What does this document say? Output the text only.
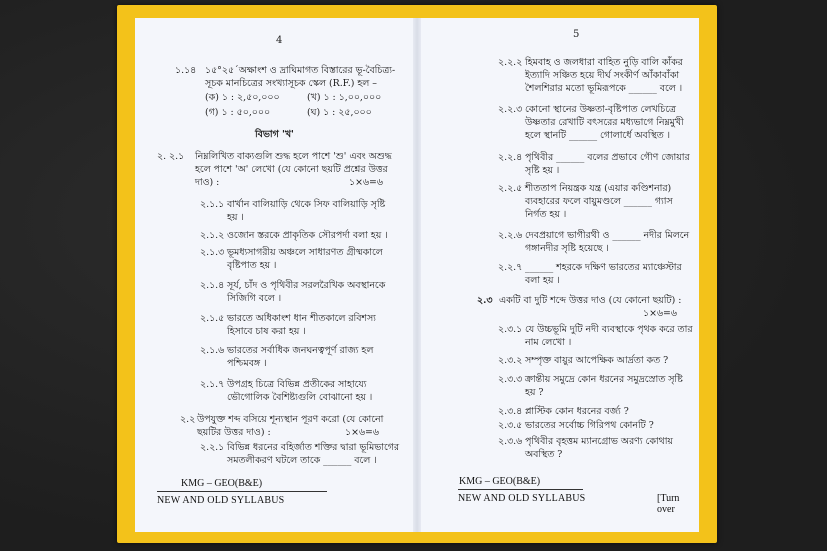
4
১.১৪ ১৫°২৫´অক্ষাংশ ও দ্রাঘিমাগত বিস্তারের ভূ-বৈচিত্র্য-
সূচক মানচিত্রের সংখ্যাসূচক স্কেল (R.F.) হল –
(ক) ১ : ২,৫০,০০০	(খ) ১ : ১,০০,০০০
(গ) ১ : ৫০,০০০	(ঘ) ১ : ২৫,০০০
বিভাগ 'খ'
২. ২.১ নিম্নলিখিত বাক্যগুলি শুদ্ধ হলে পাশে 'শু' এবং অশুদ্ধ
হলে পাশে 'অ' লেখো (যে কোনো ছয়টি প্রশ্নের উত্তর
দাও) :	১×৬=৬
২.১.১ বার্খান বালিয়াড়ি থেকে সিফ বালিয়াড়ি সৃষ্টি
হয় ।
২.১.২ ওজোন স্তরকে প্রাকৃতিক সৌরপর্দা বলা হয় ।
২.১.৩ ভূমধ্যসাগরীয় অঞ্চলে সাধারণত গ্রীষ্মকালে
বৃষ্টিপাত হয় ।
২.১.৪ সূর্য, চাঁদ ও পৃথিবীর সরলরৈখিক অবস্থানকে
সিজিগি বলে ।
২.১.৫ ভারতে অধিকাংশ ধান শীতকালে রবিশস্য
হিসাবে চাষ করা হয় ।
২.১.৬ ভারতের সর্বাধিক জনঘনত্বপূর্ণ রাজ্য হল
পশ্চিমবঙ্গ ।
২.১.৭ উপগ্রহ চিত্রে বিভিন্ন প্রতীকের সাহায্যে
ভৌগোলিক বৈশিষ্ট্যগুলি বোঝানো হয় ।
২.২ উপযুক্ত শব্দ বসিয়ে শূন্যস্থান পূরণ করো (যে কোনো
ছয়টির উত্তর দাও) :	১×৬=৬
২.২.১ বিভিন্ন ধরনের বহির্জাত শক্তির দ্বারা ভূমিভাগের
সমতলীকরণ ঘটলে তাকে ______ বলে ।
KMG – GEO(B&E)
NEW AND OLD SYLLABUS
5
২.২.২ হিমবাহ ও জলধারা বাহিত নুড়ি বালি কাঁকর
ইত্যাদি সঞ্চিত হয়ে দীর্ঘ সংকীর্ণ আঁকাবাঁকা
শৈলশিরার মতো ভূমিরূপকে ______ বলে ।
২.২.৩ কোনো স্থানের উষ্ণতা-বৃষ্টিপাত লেখচিত্রে
উষ্ণতার রেখাটি বৎসরের মধ্যভাগে নিম্নমুখী
হলে স্থানটি ______ গোলার্ধে অবস্থিত ।
২.২.৪ পৃথিবীর ______ বলের প্রভাবে গৌণ জোয়ার
সৃষ্টি হয় ।
২.২.৫ শীততাপ নিয়ন্ত্রক যন্ত্র (এয়ার কণ্ডিশনার)
ব্যবহারের ফলে বায়ুমণ্ডলে ______ গ্যাস
নির্গত হয় ।
২.২.৬ দেবপ্রয়াগে ভাগীরথী ও ______ নদীর মিলনে
গঙ্গানদীর সৃষ্টি হয়েছে ।
২.২.৭ ______ শহরকে দক্ষিণ ভারতের ম্যাঞ্চেস্টার
বলা হয় ।
২.৩ একটি বা দুটি শব্দে উত্তর দাও (যে কোনো ছয়টি) :
১×৬=৬
২.৩.১ যে উচ্চভূমি দুটি নদী ব্যবস্থাকে পৃথক করে তার
নাম লেখো ।
২.৩.২ সম্পৃক্ত বায়ুর আপেক্ষিক আর্দ্রতা কত ?
২.৩.৩ ক্রান্তীয় সমুদ্রে কোন ধরনের সমুদ্রস্রোত সৃষ্টি
হয় ?
২.৩.৪ প্লাস্টিক কোন ধরনের বর্জ্য ?
২.৩.৫ ভারতের সর্বোচ্চ গিরিপথ কোনটি ?
২.৩.৬ পৃথিবীর বৃহত্তম ম্যানগ্রোভ অরণ্য কোথায়
অবস্থিত ?
KMG – GEO(B&E)
NEW AND OLD SYLLABUS	[Turn over
